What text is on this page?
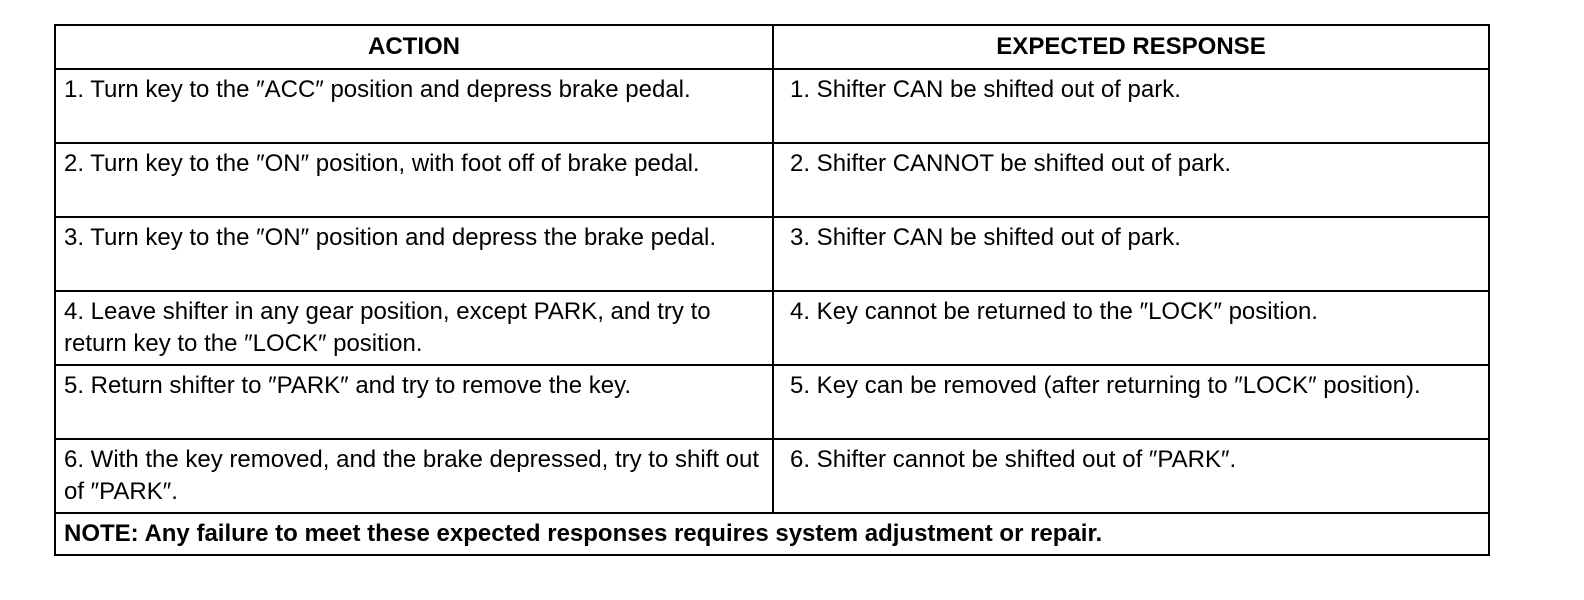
ACTION	EXPECTED RESPONSE
1. Turn key to the ″ACC″ position and depress brake pedal.	1. Shifter CAN be shifted out of park.
2. Turn key to the ″ON″ position, with foot off of brake pedal.	2. Shifter CANNOT be shifted out of park.
3. Turn key to the ″ON″ position and depress the brake pedal.	3. Shifter CAN be shifted out of park.
4. Leave shifter in any gear position, except PARK, and try to return key to the ″LOCK″ position.	4. Key cannot be returned to the ″LOCK″ position.
5. Return shifter to ″PARK″ and try to remove the key.	5. Key can be removed (after returning to ″LOCK″ position).
6. With the key removed, and the brake depressed, try to shift out of ″PARK″.	6. Shifter cannot be shifted out of ″PARK″.
NOTE: Any failure to meet these expected responses requires system adjustment or repair.	
